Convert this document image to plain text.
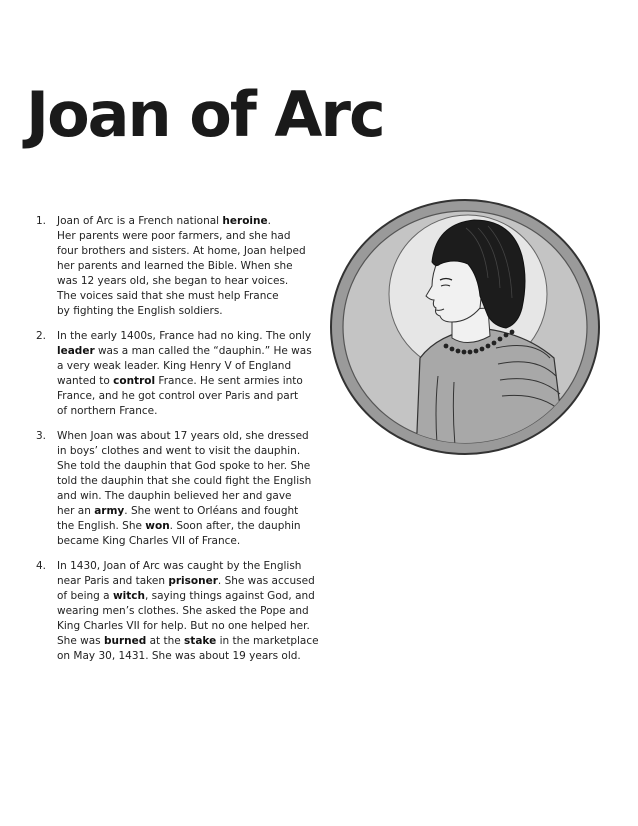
Joan of Arc
1.	Joan of Arc is a French national heroine.
Her parents were poor farmers, and she had
four brothers and sisters. At home, Joan helped
her parents and learned the Bible. When she
was 12 years old, she began to hear voices.
The voices said that she must help France
by fighting the English soldiers.
2.	In the early 1400s, France had no king. The only
leader was a man called the “dauphin.” He was
a very weak leader. King Henry V of England
wanted to control France. He sent armies into
France, and he got control over Paris and part
of northern France.
3.	When Joan was about 17 years old, she dressed
in boys’ clothes and went to visit the dauphin.
She told the dauphin that God spoke to her. She
told the dauphin that she could fight the English
and win. The dauphin believed her and gave
her an army. She went to Orléans and fought
the English. She won. Soon after, the dauphin
became King Charles VII of France.
4.	In 1430, Joan of Arc was caught by the English
near Paris and taken prisoner. She was accused
of being a witch, saying things against God, and
wearing men’s clothes. She asked the Pope and
King Charles VII for help. But no one helped her.
She was burned at the stake in the marketplace
on May 30, 1431. She was about 19 years old.
